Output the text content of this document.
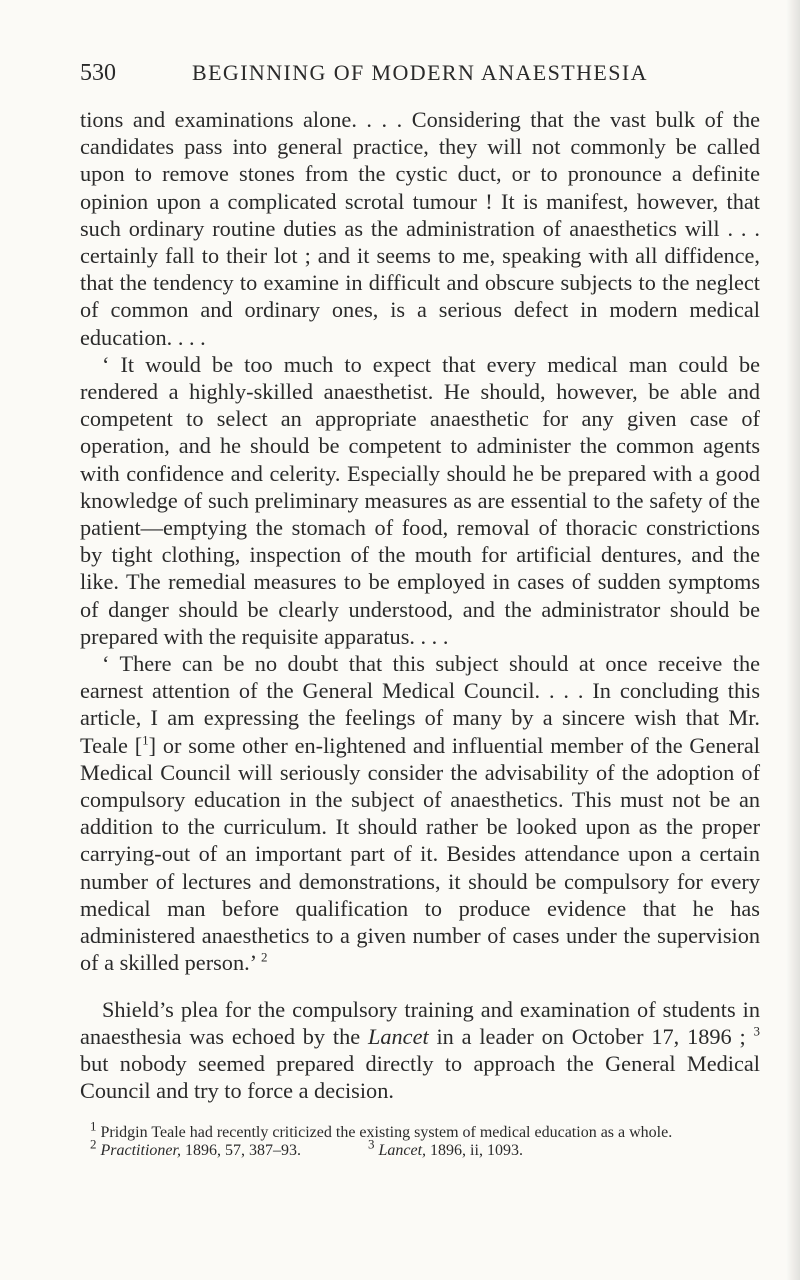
530	BEGINNING OF MODERN ANAESTHESIA

tions and examinations alone. . . . Considering that the vast bulk of the candidates pass into general practice, they will not commonly be called upon to remove stones from the cystic duct, or to pronounce a definite opinion upon a complicated scrotal tumour ! It is manifest, however, that such ordinary routine duties as the administration of anaesthetics will . . . certainly fall to their lot ; and it seems to me, speaking with all diffidence, that the tendency to examine in difficult and obscure subjects to the neglect of common and ordinary ones, is a serious defect in modern medical education. . . .

‘ It would be too much to expect that every medical man could be rendered a highly-skilled anaesthetist. He should, however, be able and competent to select an appropriate anaesthetic for any given case of operation, and he should be competent to administer the common agents with confidence and celerity. Especially should he be prepared with a good knowledge of such preliminary measures as are essential to the safety of the patient—emptying the stomach of food, removal of thoracic constrictions by tight clothing, inspection of the mouth for artificial dentures, and the like. The remedial measures to be employed in cases of sudden symptoms of danger should be clearly understood, and the administrator should be prepared with the requisite apparatus. . . .

‘ There can be no doubt that this subject should at once receive the earnest attention of the General Medical Council. . . . In concluding this article, I am expressing the feelings of many by a sincere wish that Mr. Teale [$^1$] or some other en-lightened and influential member of the General Medical Council will seriously consider the advisability of the adoption of compulsory education in the subject of anaesthetics. This must not be an addition to the curriculum. It should rather be looked upon as the proper carrying-out of an important part of it. Besides attendance upon a certain number of lectures and demonstrations, it should be compulsory for every medical man before qualification to produce evidence that he has administered anaesthetics to a given number of cases under the supervision of a skilled person.’ $^2$

Shield’s plea for the compulsory training and examination of students in anaesthesia was echoed by the Lancet in a leader on October 17, 1896 ; $^3$ but nobody seemed prepared directly to approach the General Medical Council and try to force a decision.

$^1$ Pridgin Teale had recently criticized the existing system of medical education as a whole.

$^2$ Practitioner, 1896, 57, 387–93.	$^3$ Lancet, 1896, ii, 1093.
